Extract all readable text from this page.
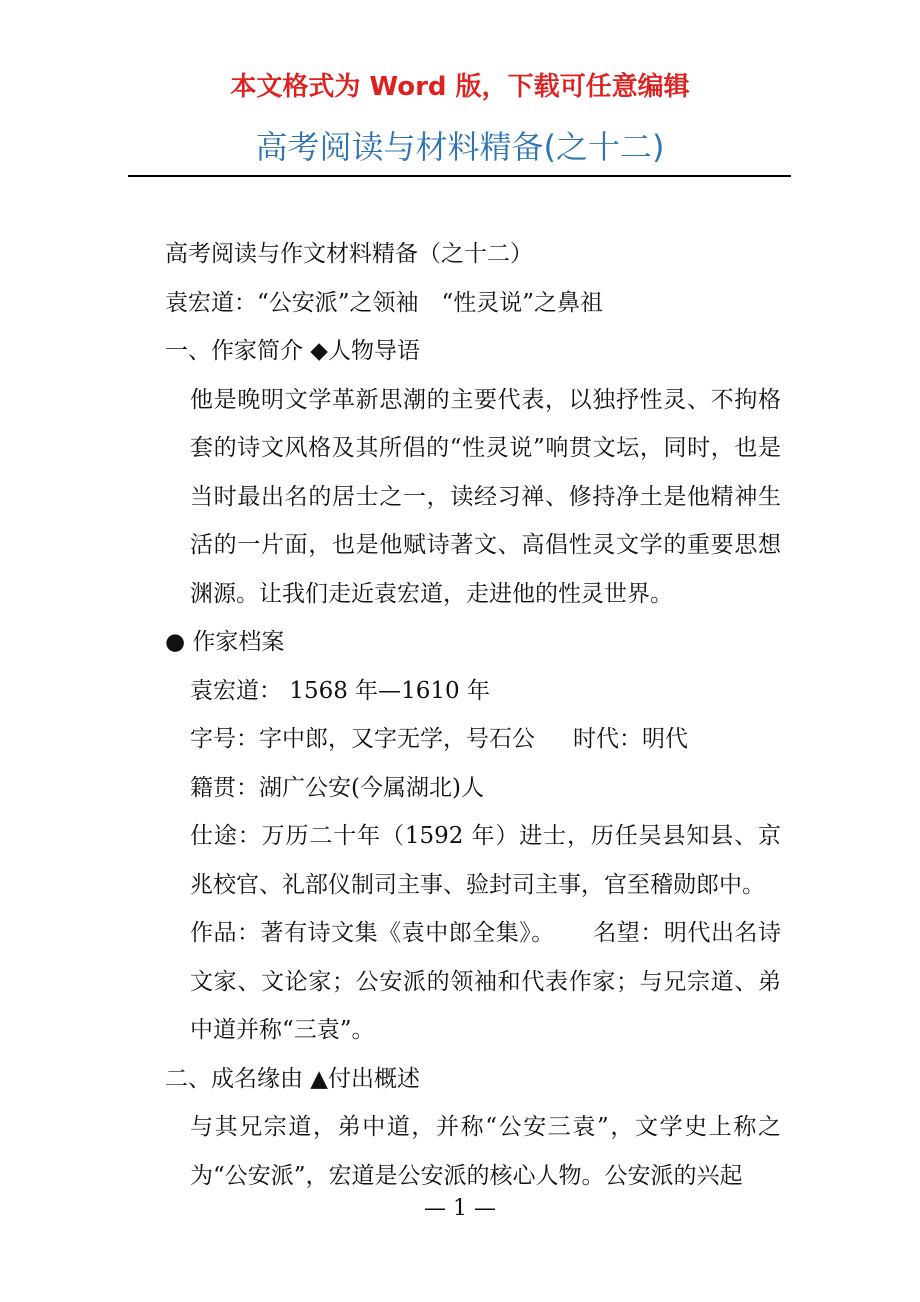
本文格式为 Word 版，下载可任意编辑
高考阅读与材料精备(之十二)

高考阅读与作文材料精备（之十二）

袁宏道：“公安派”之领袖　“性灵说”之鼻祖

一、作家简介 ◆人物导语

他是晚明文学革新思潮的主要代表，以独抒性灵、不拘格套的诗文风格及其所倡的“性灵说”响贯文坛，同时，也是当时最出名的居士之一，读经习禅、修持净土是他精神生活的一片面，也是他赋诗著文、高倡性灵文学的重要思想渊源。让我们走近袁宏道，走进他的性灵世界。

● 作家档案

袁宏道： 1568 年—1610 年

字号：字中郎，又字无学，号石公 时代：明代

籍贯：湖广公安(今属湖北)人

仕途：万历二十年（1592 年）进士，历任吴县知县、京兆校官、礼部仪制司主事、验封司主事，官至稽勋郎中。

作品：著有诗文集《袁中郎全集》。 名望：明代出名诗文家、文论家；公安派的领袖和代表作家；与兄宗道、弟中道并称“三袁”。

二、成名缘由 ▲付出概述

与其兄宗道，弟中道，并称“公安三袁”，文学史上称之为“公安派”，宏道是公安派的核心人物。公安派的兴起

— 1 —
